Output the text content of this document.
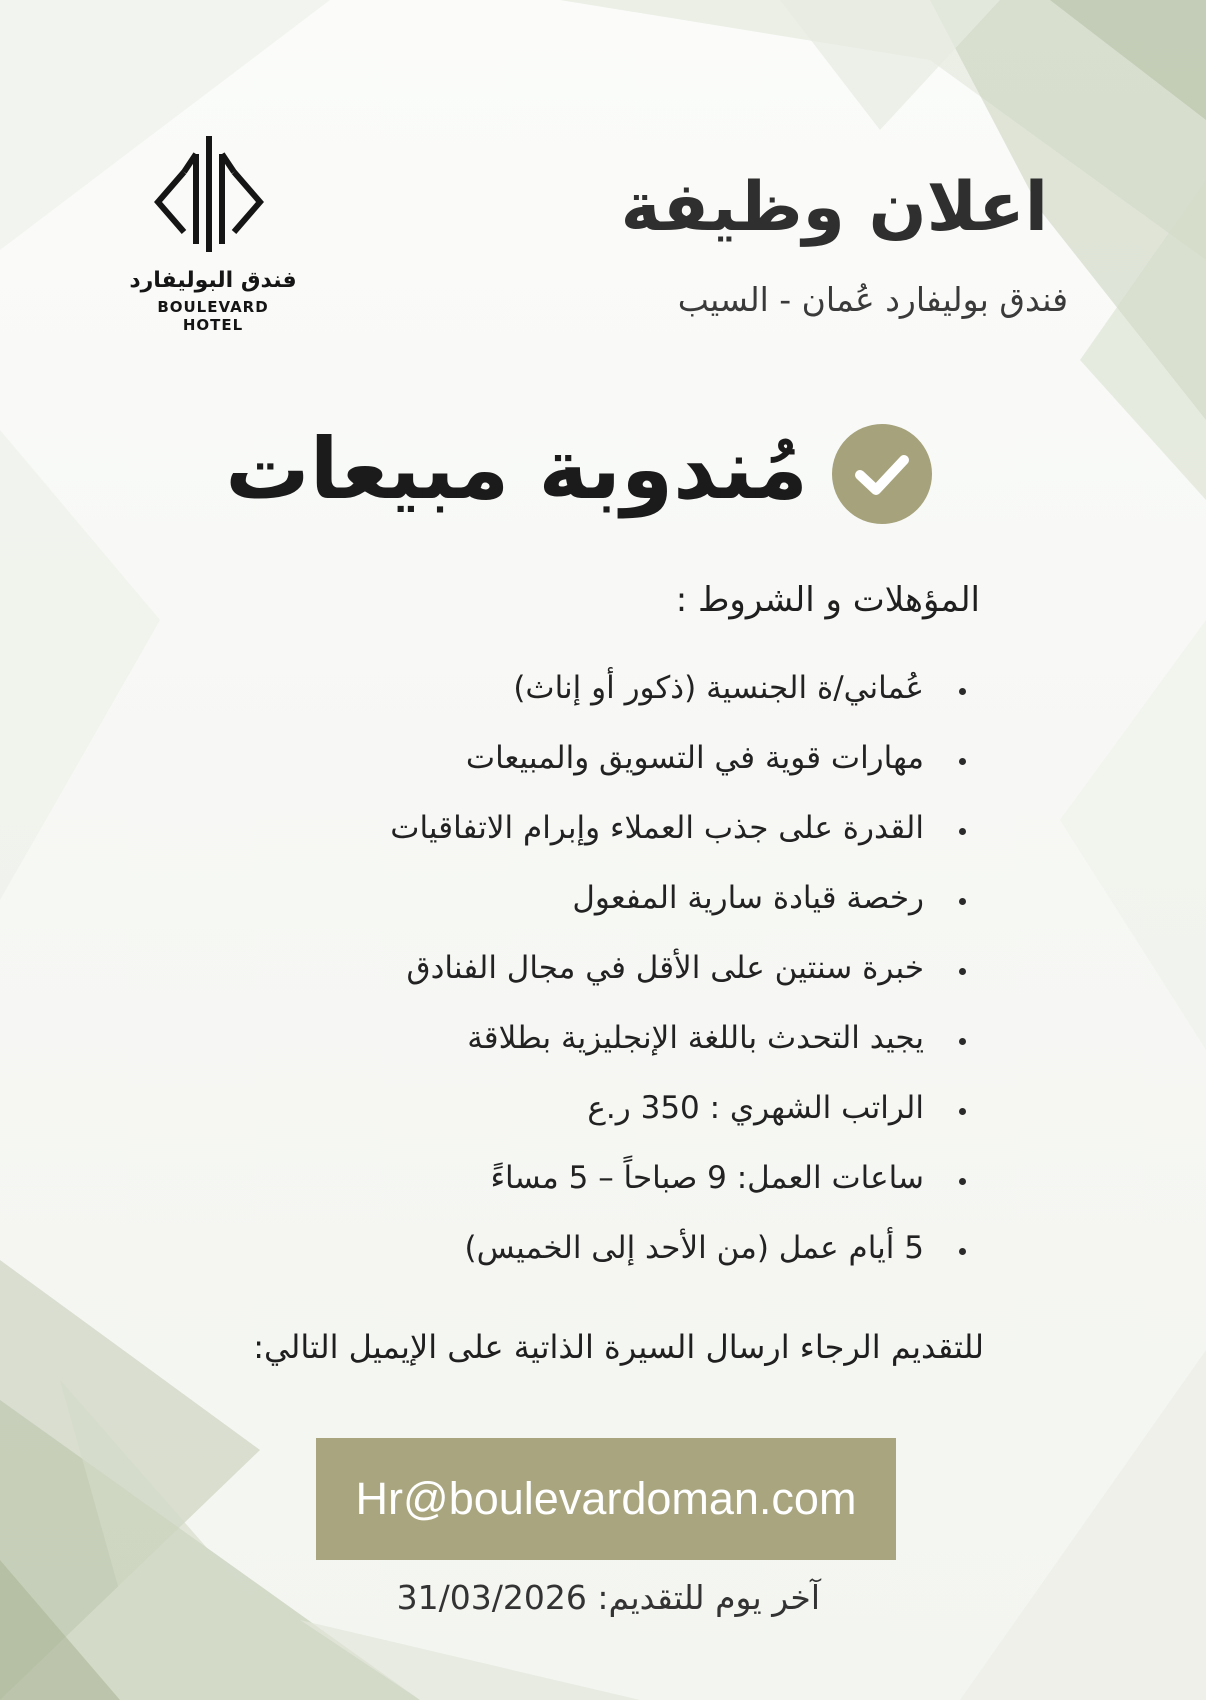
فندق البوليفارد
BOULEVARD HOTEL
اعلان وظيفة
فندق بوليفارد عُمان - السيب
مُندوبة مبيعات
المؤهلات و الشروط :
عُماني/ة الجنسية (ذكور أو إناث)
مهارات قوية في التسويق والمبيعات
القدرة على جذب العملاء وإبرام الاتفاقيات
رخصة قيادة سارية المفعول
خبرة سنتين على الأقل في مجال الفنادق
يجيد التحدث باللغة الإنجليزية بطلاقة
الراتب الشهري : 350 ر.ع
ساعات العمل: 9 صباحاً – 5 مساءً
5 أيام عمل (من الأحد إلى الخميس)
للتقديم الرجاء ارسال السيرة الذاتية على الإيميل التالي:
Hr@boulevardoman.com
آخر يوم للتقديم: 31/03/2026
